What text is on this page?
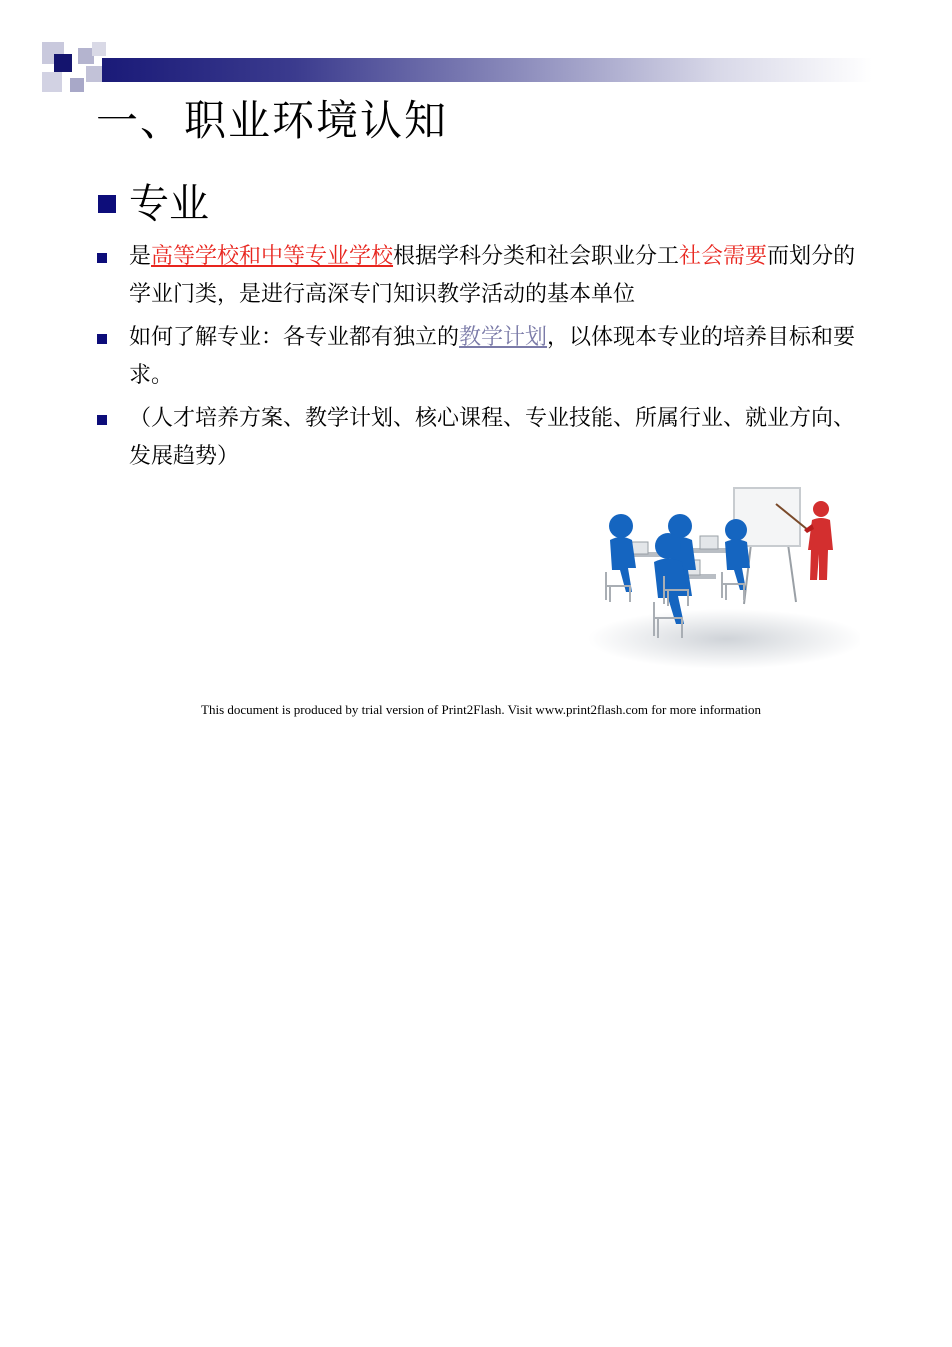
一、职业环境认知
专业
是高等学校和中等专业学校根据学科分类和社会职业分工社会需要而划分的学业门类，是进行高深专门知识教学活动的基本单位
如何了解专业：各专业都有独立的教学计划，以体现本专业的培养目标和要求。
（人才培养方案、教学计划、核心课程、专业技能、所属行业、就业方向、发展趋势）
This document is produced by trial version of Print2Flash. Visit www.print2flash.com for more information
